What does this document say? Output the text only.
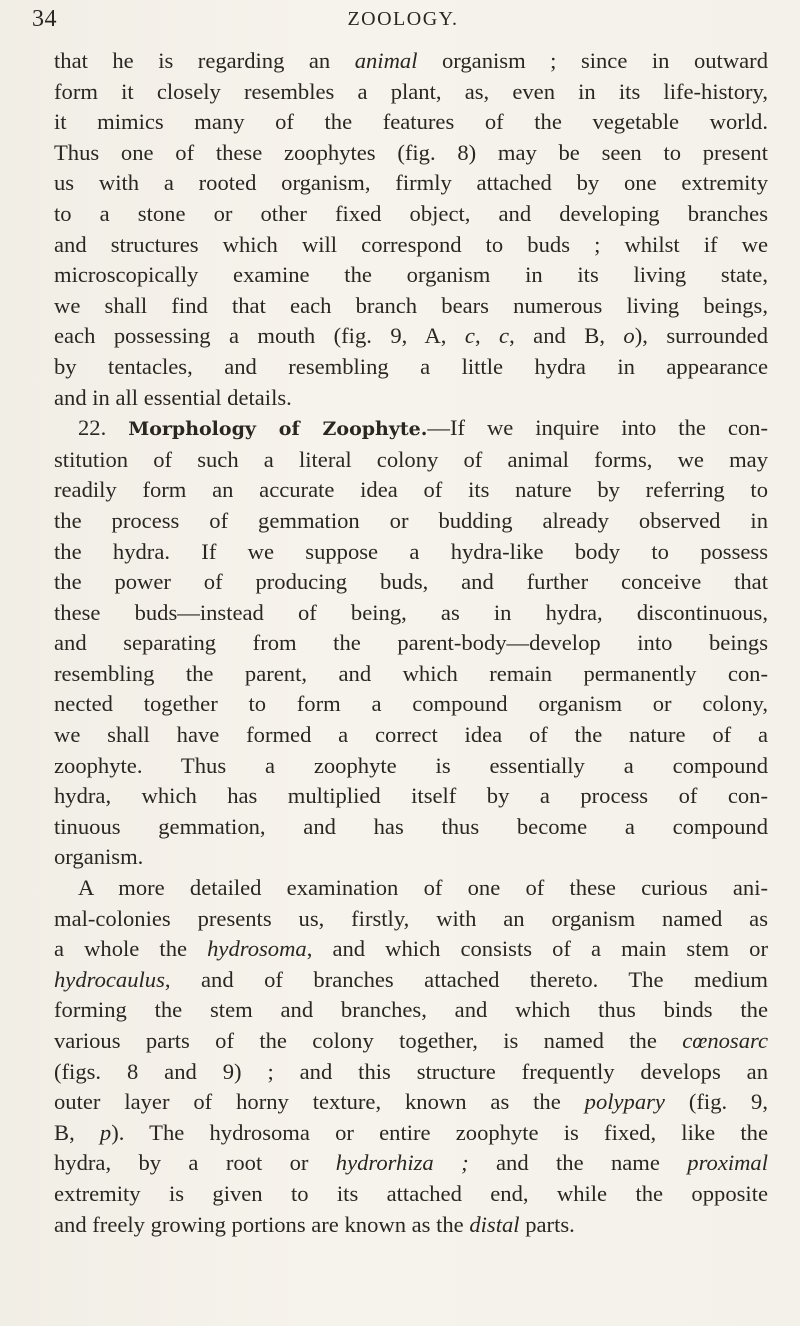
34	ZOOLOGY.
that he is regarding an animal organism ; since in outward
form it closely resembles a plant, as, even in its life-history,
it mimics many of the features of the vegetable world.
Thus one of these zoophytes (fig. 8) may be seen to present
us with a rooted organism, firmly attached by one extremity
to a stone or other fixed object, and developing branches
and structures which will correspond to buds ; whilst if we
microscopically examine the organism in its living state,
we shall find that each branch bears numerous living beings,
each possessing a mouth (fig. 9, A, c, c, and B, o), surrounded
by tentacles, and resembling a little hydra in appearance
and in all essential details.
22. Morphology of Zoophyte.—If we inquire into the con-
stitution of such a literal colony of animal forms, we may
readily form an accurate idea of its nature by referring to
the process of gemmation or budding already observed in
the hydra. If we suppose a hydra-like body to possess
the power of producing buds, and further conceive that
these buds—instead of being, as in hydra, discontinuous,
and separating from the parent-body—develop into beings
resembling the parent, and which remain permanently con-
nected together to form a compound organism or colony,
we shall have formed a correct idea of the nature of a
zoophyte. Thus a zoophyte is essentially a compound
hydra, which has multiplied itself by a process of con-
tinuous gemmation, and has thus become a compound
organism.
A more detailed examination of one of these curious ani-
mal-colonies presents us, firstly, with an organism named as
a whole the hydrosoma, and which consists of a main stem or
hydrocaulus, and of branches attached thereto. The medium
forming the stem and branches, and which thus binds the
various parts of the colony together, is named the cœnosarc
(figs. 8 and 9) ; and this structure frequently develops an
outer layer of horny texture, known as the polypary (fig. 9,
B, p). The hydrosoma or entire zoophyte is fixed, like the
hydra, by a root or hydrorhiza ; and the name proximal
extremity is given to its attached end, while the opposite
and freely growing portions are known as the distal parts.
